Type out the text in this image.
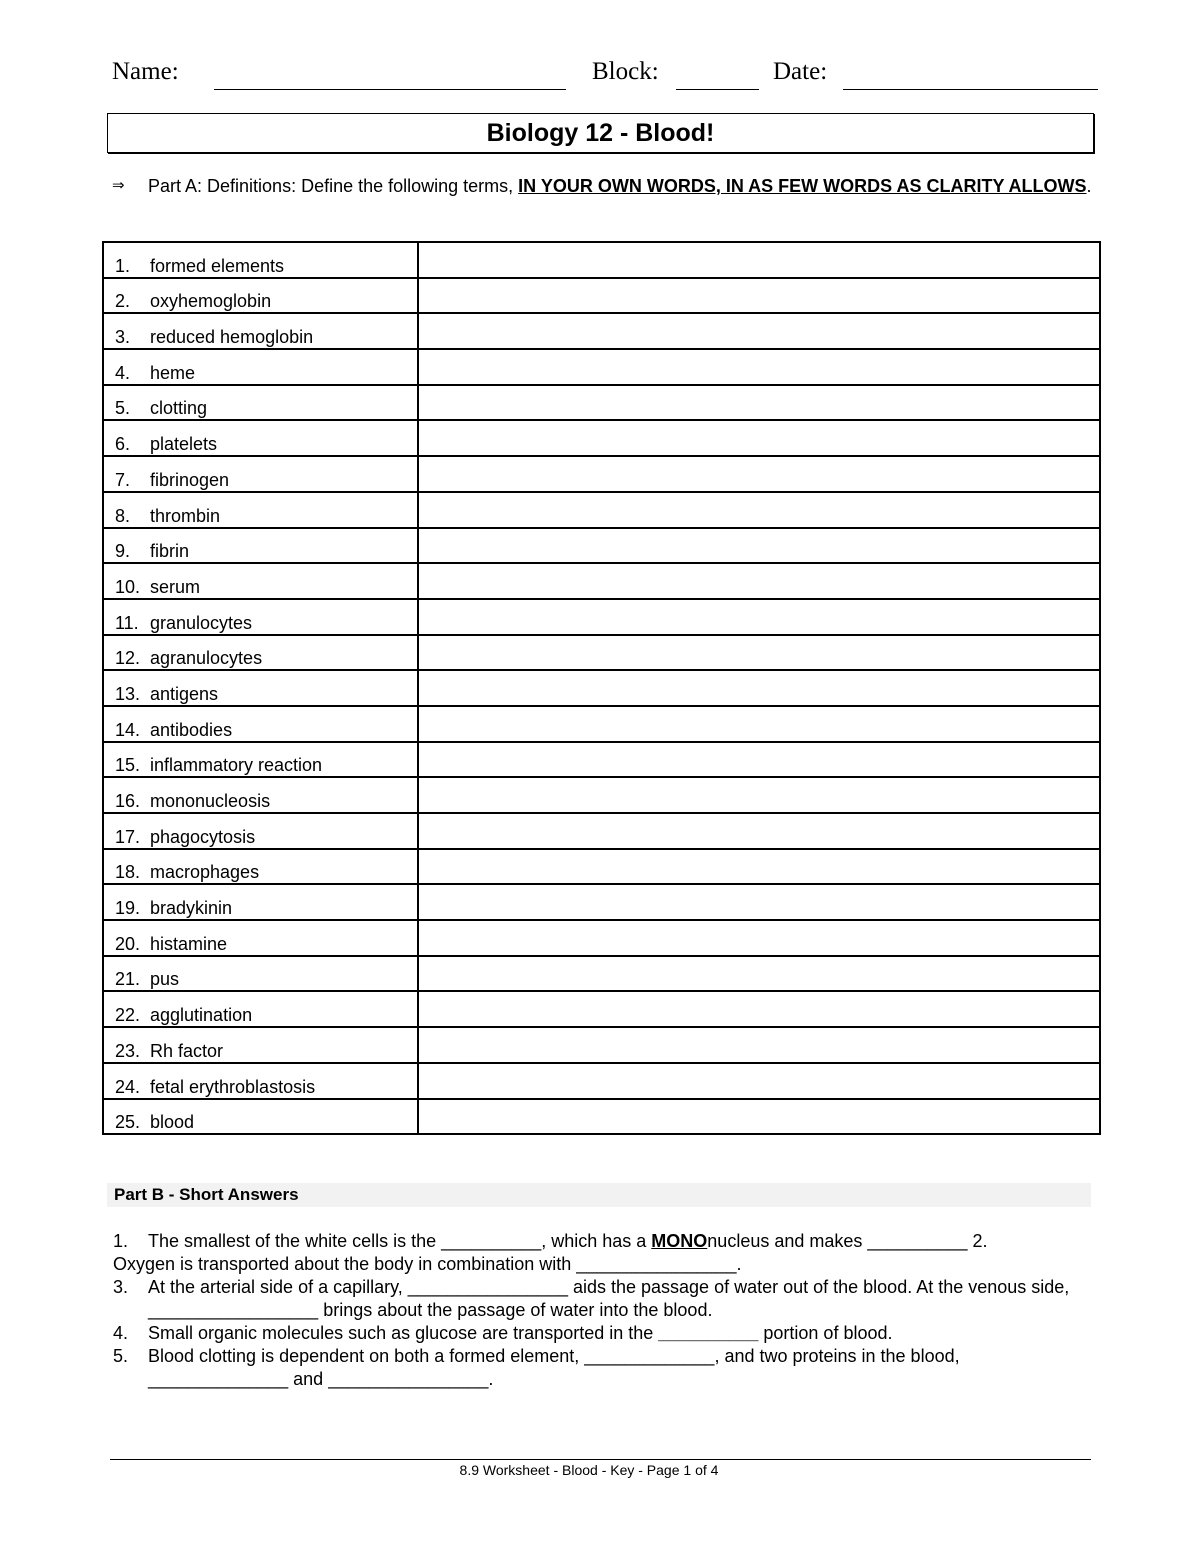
Name:	Block:	Date:
Biology 12 - Blood!
⇒ Part A: Definitions: Define the following terms, IN YOUR OWN WORDS, IN AS FEW WORDS AS CLARITY ALLOWS.
1. formed elements	
2. oxyhemoglobin	
3. reduced hemoglobin	
4. heme	
5. clotting	
6. platelets	
7. fibrinogen	
8. thrombin	
9. fibrin	
10. serum	
11. granulocytes	
12. agranulocytes	
13. antigens	
14. antibodies	
15. inflammatory reaction	
16. mononucleosis	
17. phagocytosis	
18. macrophages	
19. bradykinin	
20. histamine	
21. pus	
22. agglutination	
23. Rh factor	
24. fetal erythroblastosis	
25. blood	
Part B - Short Answers
1. The smallest of the white cells is the __________, which has a MONOnucleus and makes __________ 2.
Oxygen is transported about the body in combination with ________________.
3. At the arterial side of a capillary, ________________ aids the passage of water out of the blood. At the venous side, _________________ brings about the passage of water into the blood.
4. Small organic molecules such as glucose are transported in the __________ portion of blood.
5. Blood clotting is dependent on both a formed element, _____________, and two proteins in the blood, ______________ and ________________.
8.9 Worksheet - Blood - Key - Page 1 of 4
